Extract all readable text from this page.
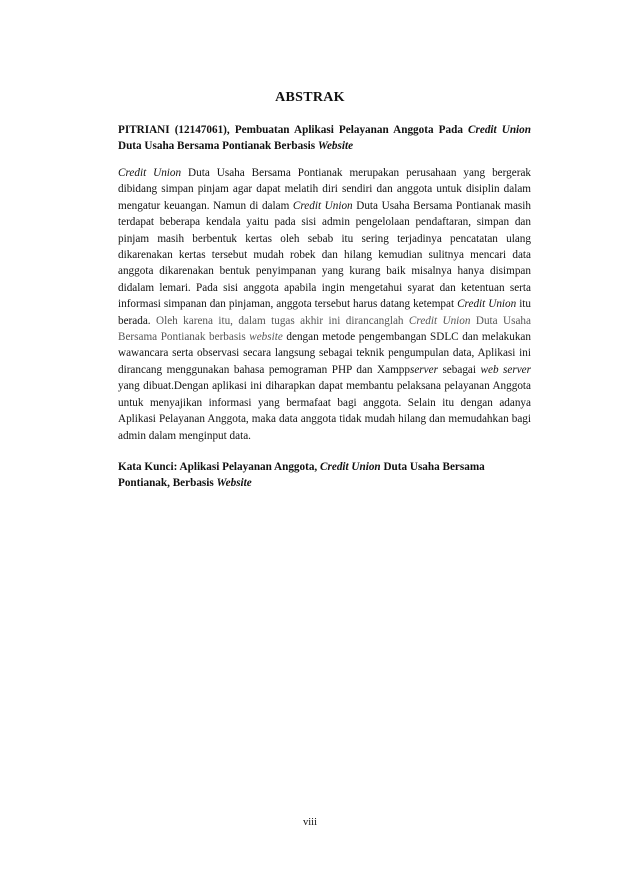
ABSTRAK
PITRIANI (12147061), Pembuatan Aplikasi Pelayanan Anggota Pada Credit Union Duta Usaha Bersama Pontianak Berbasis Website
Credit Union Duta Usaha Bersama Pontianak merupakan perusahaan yang bergerak dibidang simpan pinjam agar dapat melatih diri sendiri dan anggota untuk disiplin dalam mengatur keuangan. Namun di dalam Credit Union Duta Usaha Bersama Pontianak masih terdapat beberapa kendala yaitu pada sisi admin pengelolaan pendaftaran, simpan dan pinjam masih berbentuk kertas oleh sebab itu sering terjadinya pencatatan ulang dikarenakan kertas tersebut mudah robek dan hilang kemudian sulitnya mencari data anggota dikarenakan bentuk penyimpanan yang kurang baik misalnya hanya disimpan didalam lemari. Pada sisi anggota apabila ingin mengetahui syarat dan ketentuan serta informasi simpanan dan pinjaman, anggota tersebut harus datang ketempat Credit Union itu berada. Oleh karena itu, dalam tugas akhir ini dirancanglah Credit Union Duta Usaha Bersama Pontianak berbasis website dengan metode pengembangan SDLC dan melakukan wawancara serta observasi secara langsung sebagai teknik pengumpulan data, Aplikasi ini dirancang menggunakan bahasa pemograman PHP dan Xamppserver sebagai web server yang dibuat.Dengan aplikasi ini diharapkan dapat membantu pelaksana pelayanan Anggota untuk menyajikan informasi yang bermafaat bagi anggota. Selain itu dengan adanya Aplikasi Pelayanan Anggota, maka data anggota tidak mudah hilang dan memudahkan bagi admin dalam menginput data.
Kata Kunci: Aplikasi Pelayanan Anggota, Credit Union Duta Usaha Bersama Pontianak, Berbasis Website
viii
